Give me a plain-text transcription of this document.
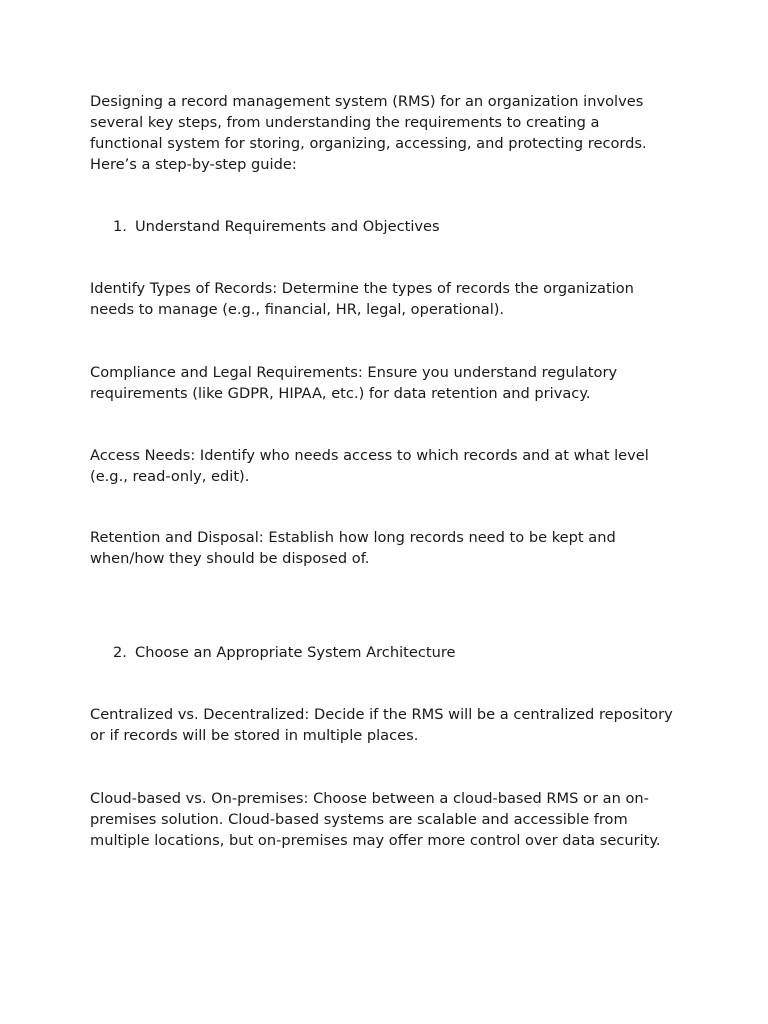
Designing a record management system (RMS) for an organization involves several key steps, from understanding the requirements to creating a functional system for storing, organizing, accessing, and protecting records. Here’s a step-by-step guide:

1. Understand Requirements and Objectives

Identify Types of Records: Determine the types of records the organization needs to manage (e.g., financial, HR, legal, operational).

Compliance and Legal Requirements: Ensure you understand regulatory requirements (like GDPR, HIPAA, etc.) for data retention and privacy.

Access Needs: Identify who needs access to which records and at what level (e.g., read-only, edit).

Retention and Disposal: Establish how long records need to be kept and when/how they should be disposed of.

2. Choose an Appropriate System Architecture

Centralized vs. Decentralized: Decide if the RMS will be a centralized repository or if records will be stored in multiple places.

Cloud-based vs. On-premises: Choose between a cloud-based RMS or an on-premises solution. Cloud-based systems are scalable and accessible from multiple locations, but on-premises may offer more control over data security.
